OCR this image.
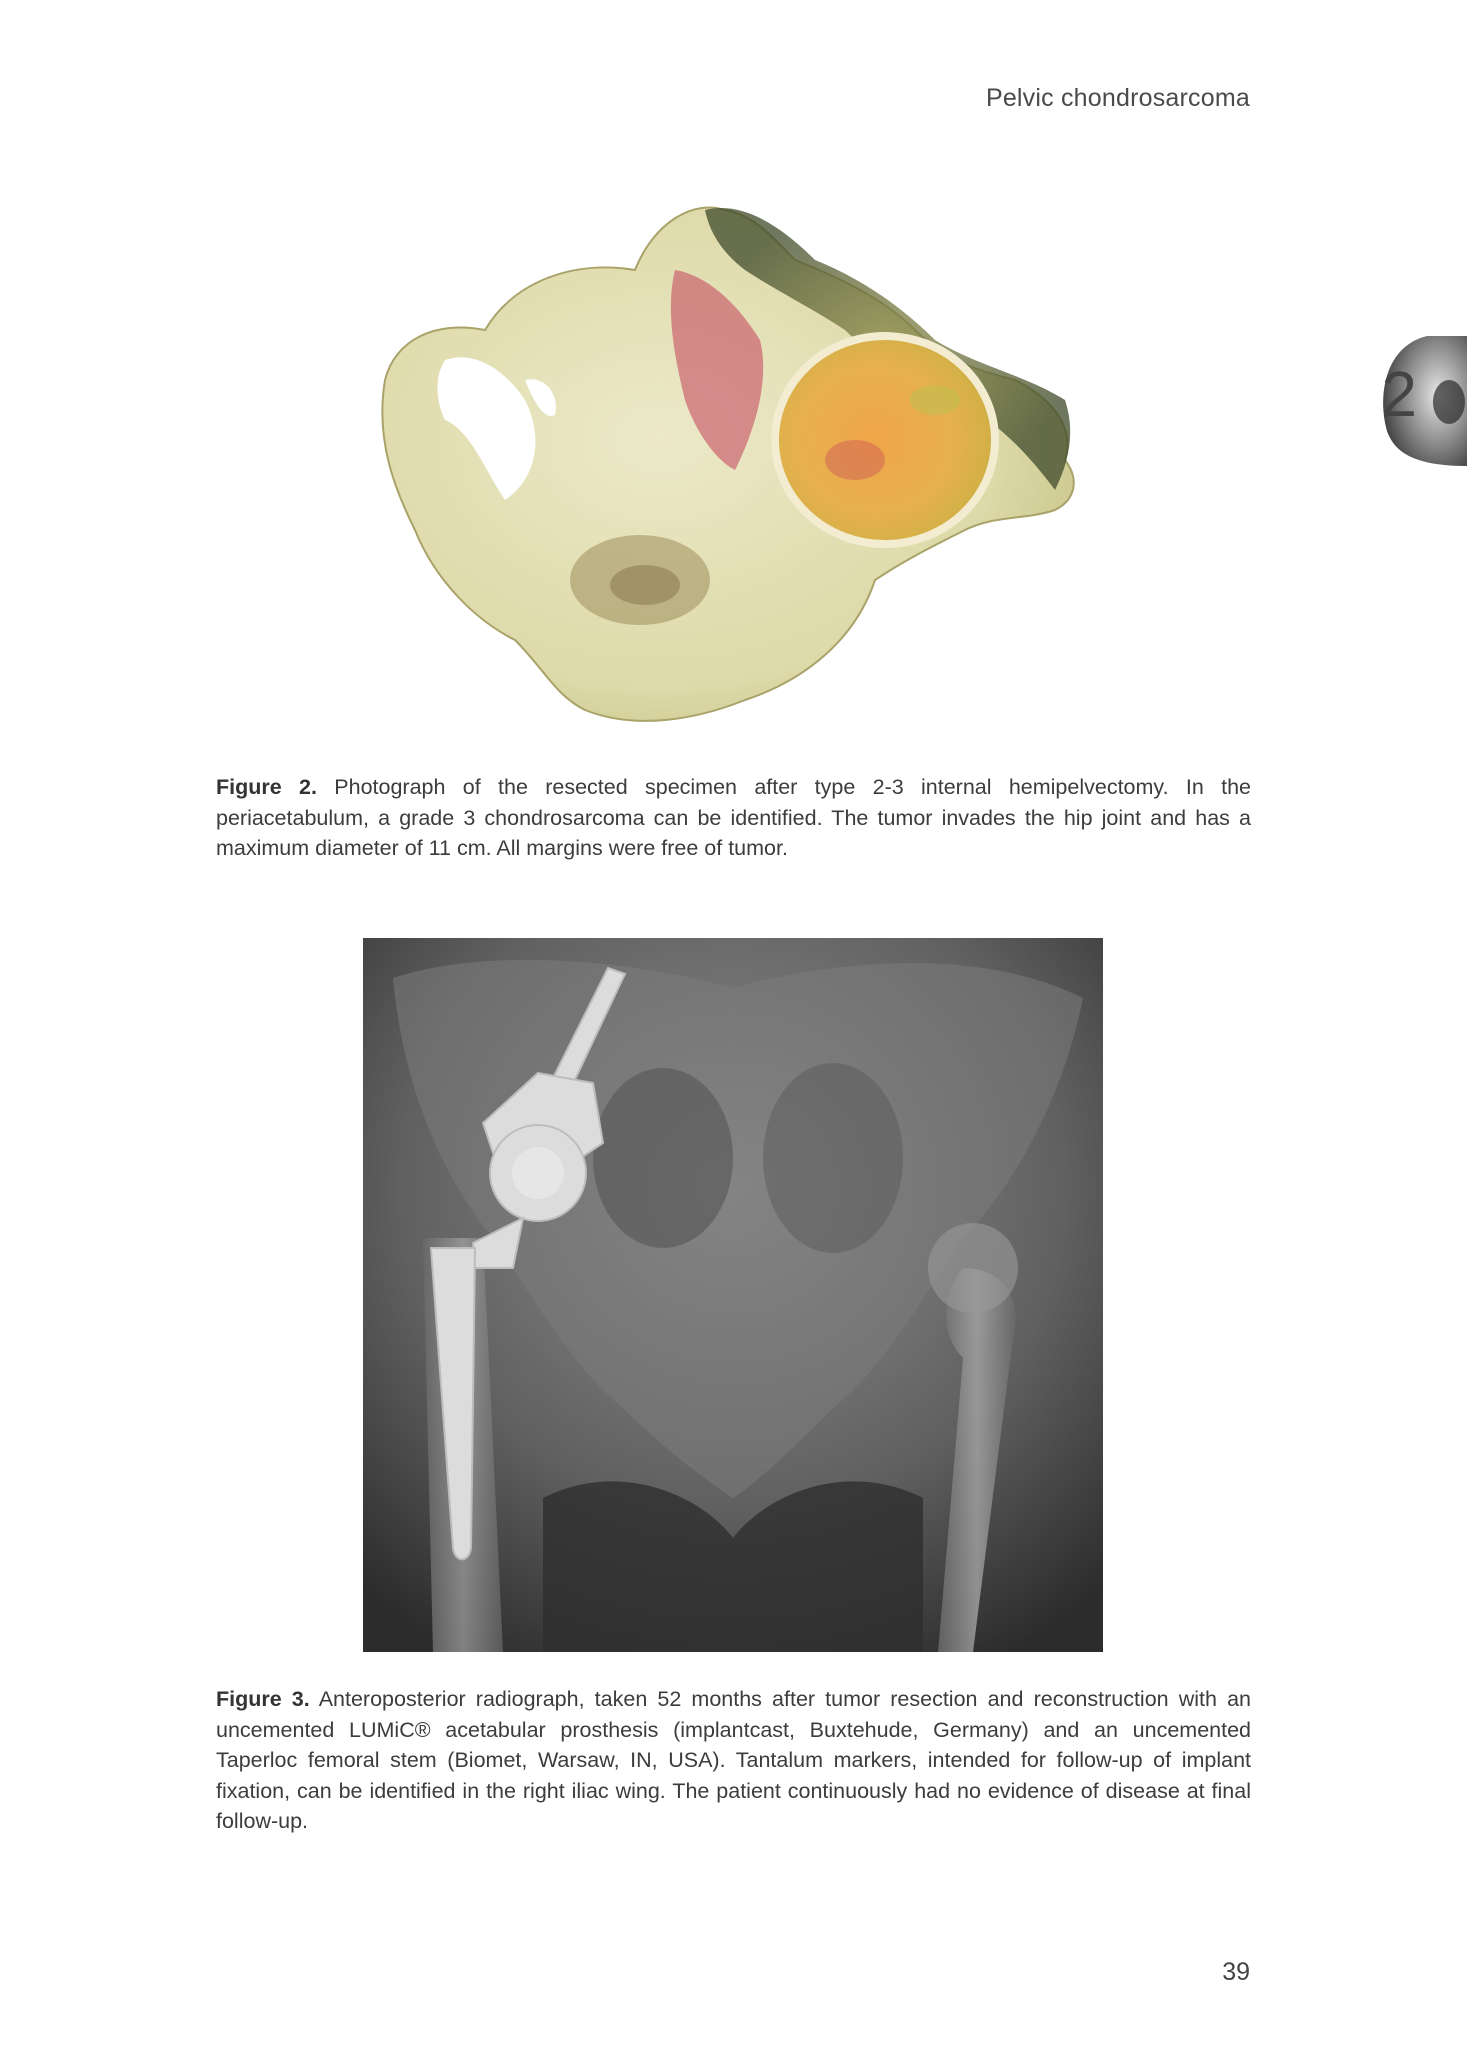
Pelvic chondrosarcoma
2
Figure 2. Photograph of the resected specimen after type 2-3 internal hemipelvectomy. In the periacetabulum, a grade 3 chondrosarcoma can be identified. The tumor invades the hip joint and has a maximum diameter of 11 cm. All margins were free of tumor.
Figure 3. Anteroposterior radiograph, taken 52 months after tumor resection and reconstruction with an uncemented LUMiC® acetabular prosthesis (implantcast, Buxtehude, Germany) and an uncemented Taperloc femoral stem (Biomet, Warsaw, IN, USA). Tantalum markers, intended for follow-up of implant fixation, can be identified in the right iliac wing. The patient continuously had no evidence of disease at final follow-up.
39
